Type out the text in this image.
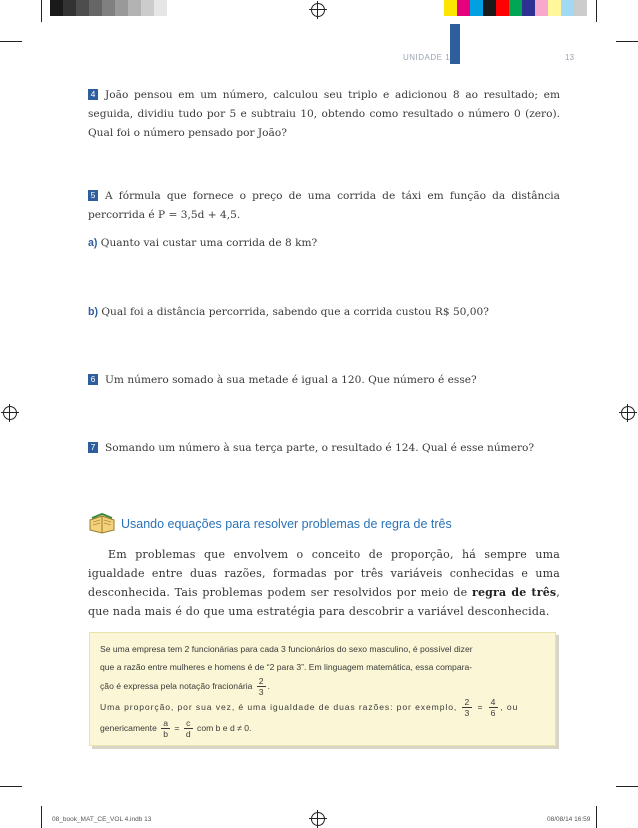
UNIDADE 1	13
4 João pensou em um número, calculou seu triplo e adicionou 8 ao resultado; em seguida, dividiu tudo por 5 e subtraiu 10, obtendo como resultado o número 0 (zero). Qual foi o número pensado por João?
5 A fórmula que fornece o preço de uma corrida de táxi em função da distância percorrida é P = 3,5d + 4,5.
a) Quanto vai custar uma corrida de 8 km?
b) Qual foi a distância percorrida, sabendo que a corrida custou R$ 50,00?
6 Um número somado à sua metade é igual a 120. Que número é esse?
7 Somando um número à sua terça parte, o resultado é 124. Qual é esse número?
Usando equações para resolver problemas de regra de três
Em problemas que envolvem o conceito de proporção, há sempre uma igualdade entre duas razões, formadas por três variáveis conhecidas e uma desconhecida. Tais problemas podem ser resolvidos por meio de regra de três, que nada mais é do que uma estratégia para descobrir a variável desconhecida.
Se uma empresa tem 2 funcionárias para cada 3 funcionários do sexo masculino, é possível dizer
que a razão entre mulheres e homens é de “2 para 3”. Em linguagem matemática, essa compara-
ção é expressa pela notação fracionária $\frac{2}{3}$ .
Uma proporção, por sua vez, é uma igualdade de duas razões: por exemplo, $\frac{2}{3} = \frac{4}{6}$ , ou
genericamente $\frac{a}{b} = \frac{c}{d}$ com b e d ≠ 0.
08_book_MAT_CE_VOL 4.indb 13	08/08/14 16:59
